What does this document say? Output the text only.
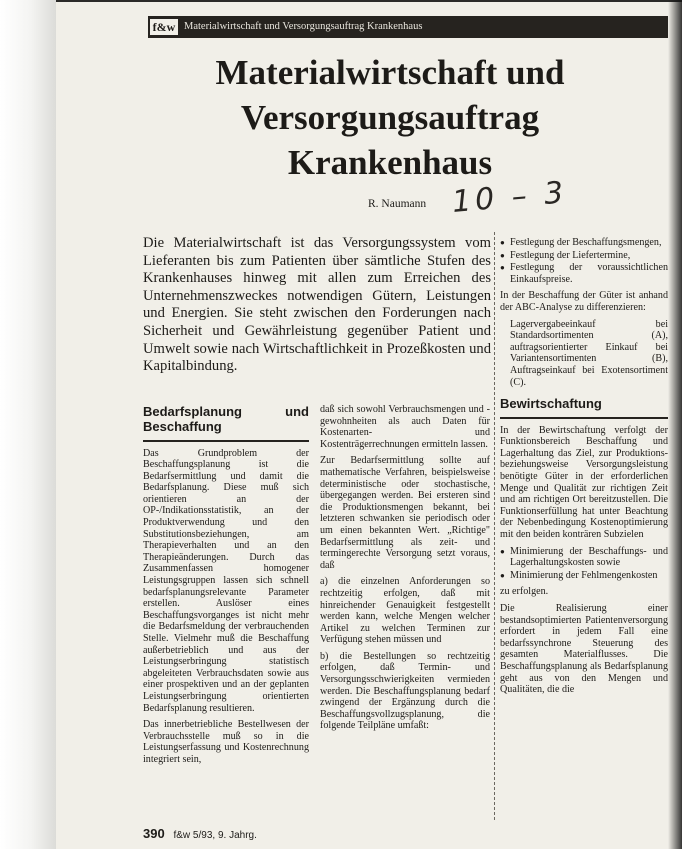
f&w Materialwirtschaft und Versorgungsauftrag Krankenhaus
Materialwirtschaft und Versorgungsauftrag Krankenhaus
10 – 3
R. Naumann

Die Materialwirtschaft ist das Versorgungssystem vom Lieferanten bis zum Patienten über sämtliche Stufen des Krankenhauses hinweg mit allen zum Erreichen des Unternehmenszweckes notwendigen Gütern, Leistungen und Energien. Sie steht zwischen den Forderungen nach Sicherheit und Gewährleistung gegenüber Patient und Umwelt sowie nach Wirtschaftlichkeit in Prozeßkosten und Kapitalbindung.

Bedarfsplanung und Beschaffung

Das Grundproblem der Beschaffungsplanung ist die Bedarfsermittlung und damit die Bedarfsplanung. Diese muß sich orientieren an der OP-/Indikationsstatistik, an der Produktverwendung und den Substitutionsbeziehungen, am Therapieverhalten und an den Therapieänderungen. Durch das Zusammenfassen homogener Leistungsgruppen lassen sich schnell bedarfsplanungsrelevante Parameter erstellen. Auslöser eines Beschaffungsvorganges ist nicht mehr die Bedarfsmeldung der verbrauchenden Stelle. Vielmehr muß die Beschaffung außerbetrieblich und aus der Leistungserbringung statistisch abgeleiteten Verbrauchsdaten sowie aus einer prospektiven und an der geplanten Leistungserbringung orientierten Bedarfsplanung resultieren.

Das innerbetriebliche Bestellwesen der Verbrauchsstelle muß so in die Leistungserfassung und Kostenrechnung integriert sein,

daß sich sowohl Verbrauchsmengen und -gewohnheiten als auch Daten für Kostenarten- und Kostenträgerrechnungen ermitteln lassen.

Zur Bedarfsermittlung sollte auf mathematische Verfahren, beispielsweise deterministische oder stochastische, übergegangen werden. Bei ersteren sind die Produktionsmengen bekannt, bei letzteren schwanken sie periodisch oder um einen bekannten Wert. „Richtige" Bedarfsermittlung als zeit- und termingerechte Versorgung setzt voraus, daß

a) die einzelnen Anforderungen so rechtzeitig erfolgen, daß mit hinreichender Genauigkeit festgestellt werden kann, welche Mengen welcher Artikel zu welchen Terminen zur Verfügung stehen müssen und

b) die Bestellungen so rechtzeitig erfolgen, daß Termin- und Versorgungsschwierigkeiten vermieden werden. Die Beschaffungsplanung bedarf zwingend der Ergänzung durch die Beschaffungsvollzugsplanung, die folgende Teilpläne umfaßt:

● Festlegung der Beschaffungsmengen,
● Festlegung der Liefertermine,
● Festlegung der voraussichtlichen Einkaufspreise.

In der Beschaffung der Güter ist anhand der ABC-Analyse zu differenzieren:

Lagervergabeeinkauf bei Standardsortimenten (A), auftragsorientierter Einkauf bei Variantensortimenten (B), Auftragseinkauf bei Exotensortiment (C).
Bewirtschaftung

In der Bewirtschaftung verfolgt der Funktionsbereich Beschaffung und Lagerhaltung das Ziel, zur Produktions- beziehungsweise Versorgungsleistung benötigte Güter in der erforderlichen Menge und Qualität zur richtigen Zeit und am richtigen Ort bereitzustellen. Die Funktionserfüllung hat unter Beachtung der Nebenbedingung Kostenoptimierung mit den beiden konträren Subzielen

● Minimierung der Beschaffungs- und Lagerhaltungskosten sowie
● Minimierung der Fehlmengenkosten

zu erfolgen.

Die Realisierung einer bestandsoptimierten Patientenversorgung erfordert in jedem Fall eine bedarfssynchrone Steuerung des gesamten Materialflusses. Die Beschaffungsplanung als Bedarfsplanung geht aus von den Mengen und Qualitäten, die die

390 f&w 5/93, 9. Jahrg.
